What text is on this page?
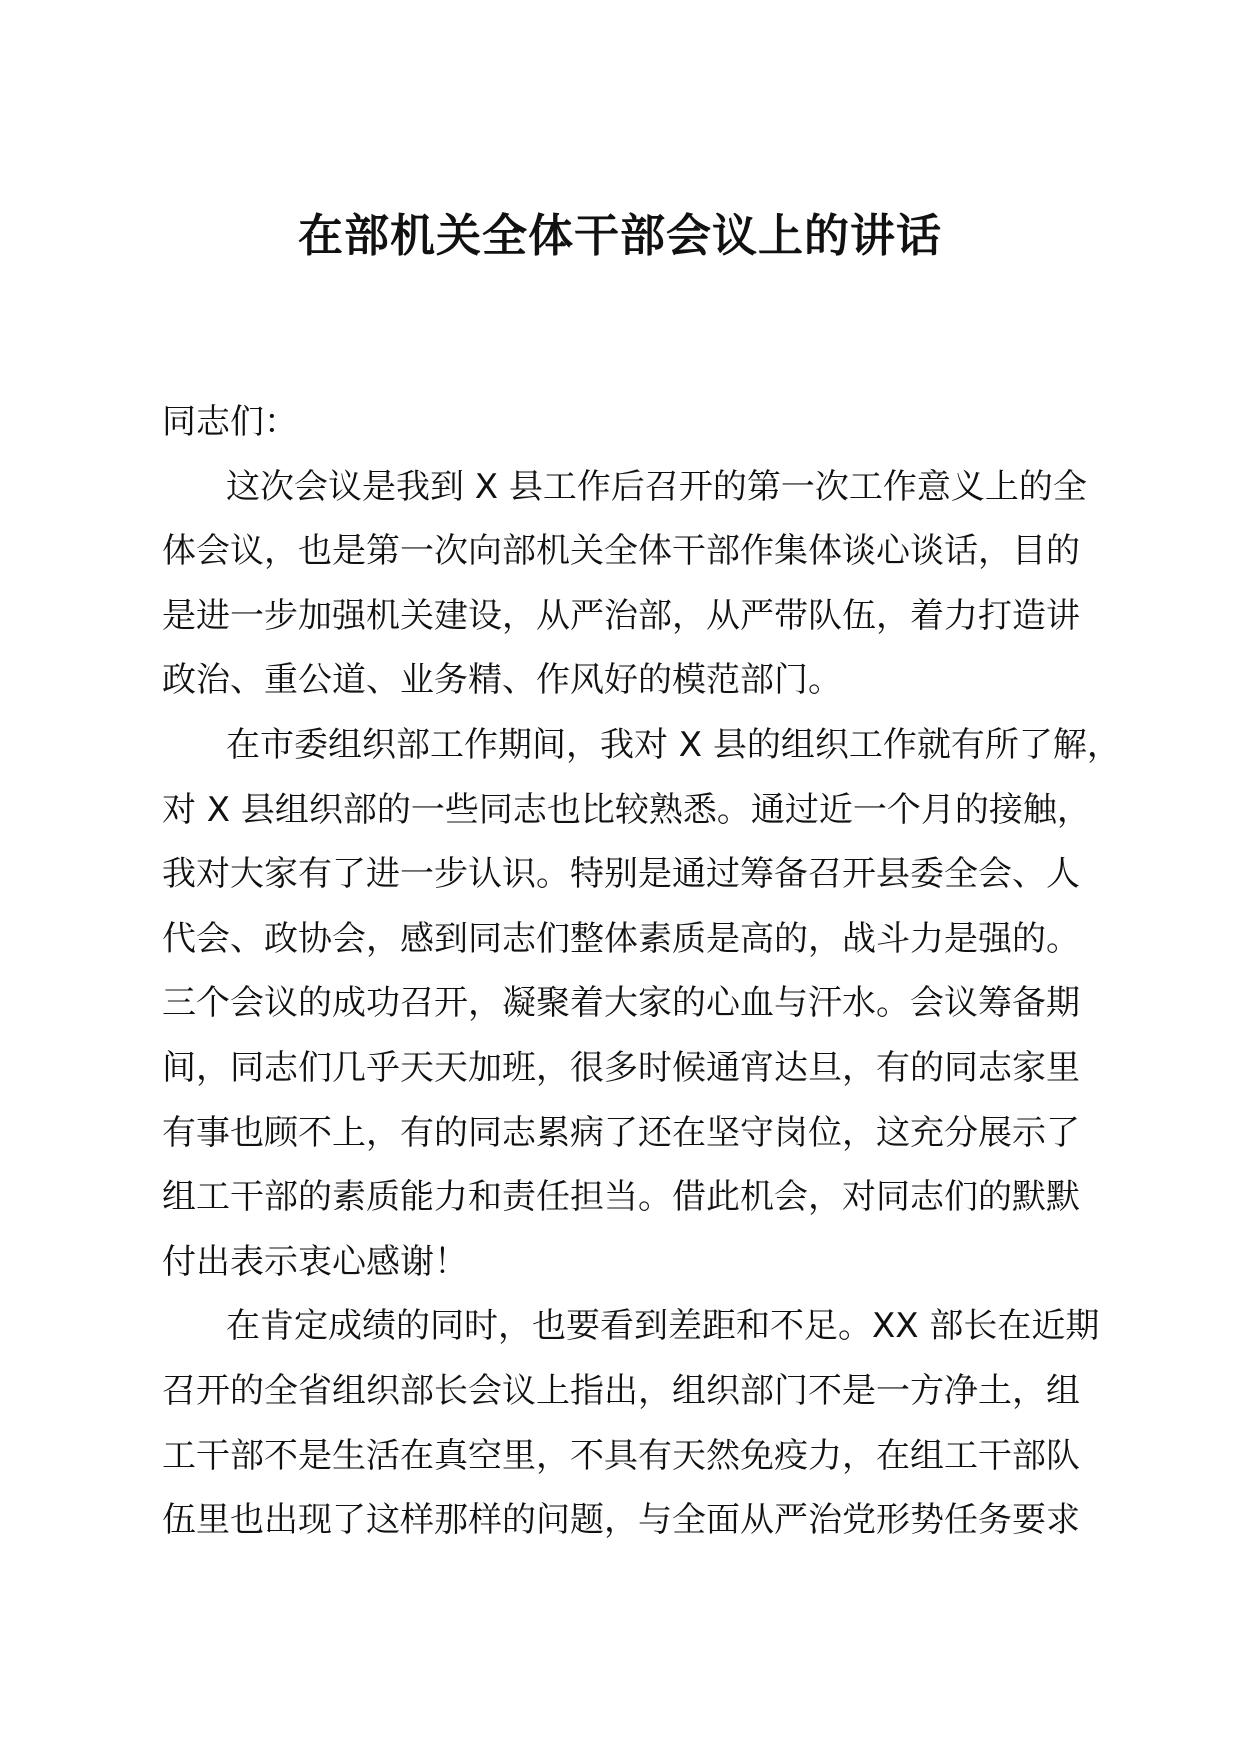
在部机关全体干部会议上的讲话
同志们：
这次会议是我到 X 县工作后召开的第一次工作意义上的全
体会议，也是第一次向部机关全体干部作集体谈心谈话，目的
是进一步加强机关建设，从严治部，从严带队伍，着力打造讲
政治、重公道、业务精、作风好的模范部门。
在市委组织部工作期间，我对 X 县的组织工作就有所了解，
对 X 县组织部的一些同志也比较熟悉。通过近一个月的接触，
我对大家有了进一步认识。特别是通过筹备召开县委全会、人
代会、政协会，感到同志们整体素质是高的，战斗力是强的。
三个会议的成功召开，凝聚着大家的心血与汗水。会议筹备期
间，同志们几乎天天加班，很多时候通宵达旦，有的同志家里
有事也顾不上，有的同志累病了还在坚守岗位，这充分展示了
组工干部的素质能力和责任担当。借此机会，对同志们的默默
付出表示衷心感谢！
在肯定成绩的同时，也要看到差距和不足。XX 部长在近期
召开的全省组织部长会议上指出，组织部门不是一方净土，组
工干部不是生活在真空里，不具有天然免疫力，在组工干部队
伍里也出现了这样那样的问题，与全面从严治党形势任务要求
